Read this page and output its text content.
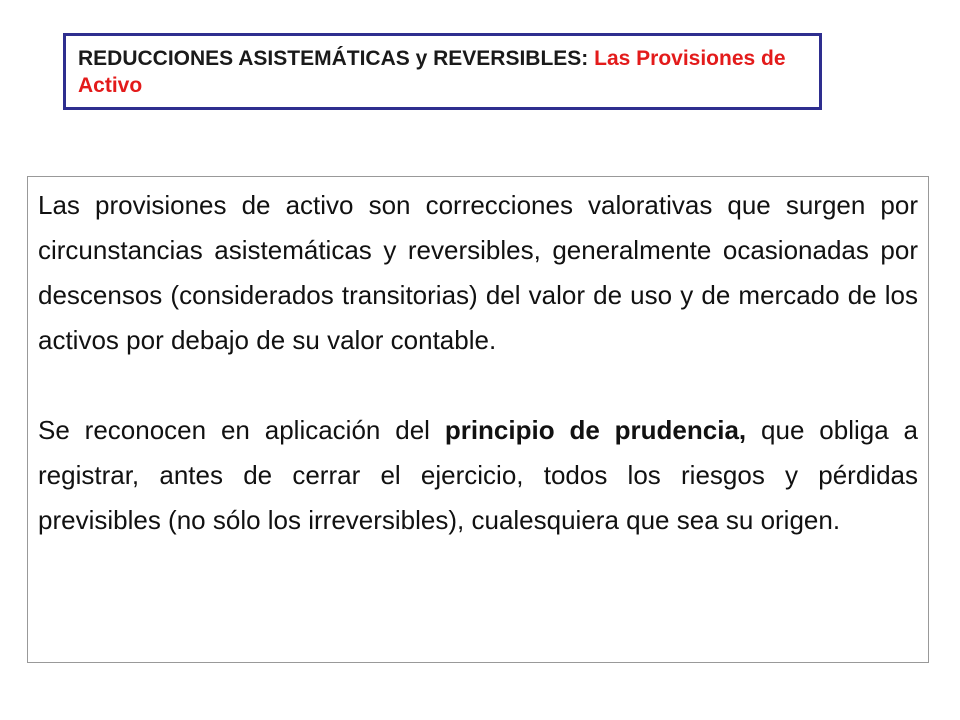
REDUCCIONES ASISTEMÁTICAS y REVERSIBLES: Las Provisiones de Activo

Las provisiones de activo son correcciones valorativas que surgen por circunstancias asistemáticas y reversibles, generalmente ocasionadas por descensos (considerados transitorias) del valor de uso y de mercado de los activos por debajo de su valor contable.

Se reconocen en aplicación del principio de prudencia, que obliga a registrar, antes de cerrar el ejercicio, todos los riesgos y pérdidas previsibles (no sólo los irreversibles), cualesquiera que sea su origen.
